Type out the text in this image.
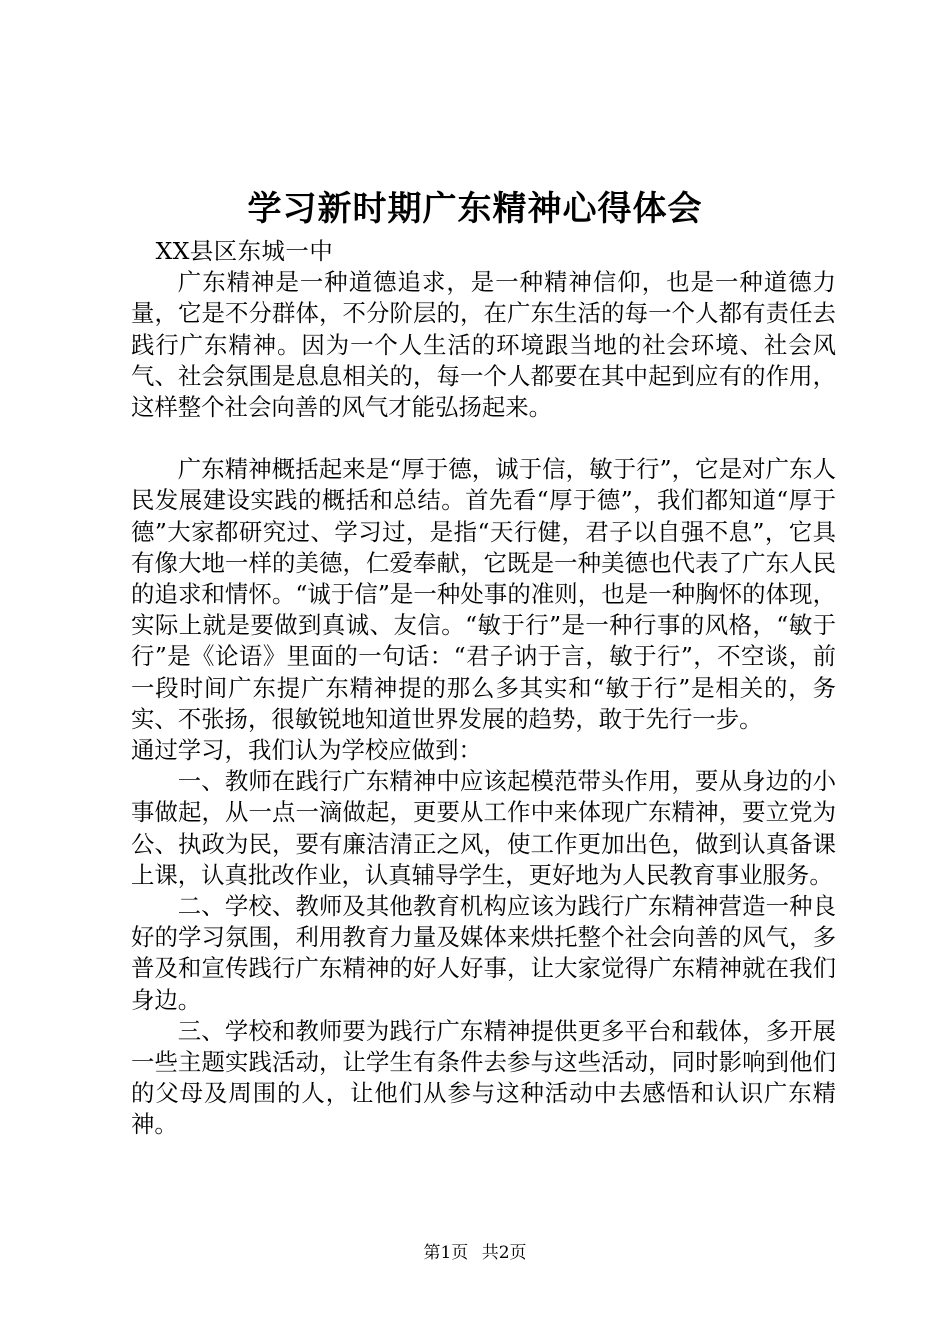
学习新时期广东精神心得体会

XX县区东城一中

广东精神是一种道德追求，是一种精神信仰，也是一种道德力量，它是不分群体，不分阶层的，在广东生活的每一个人都有责任去践行广东精神。因为一个人生活的环境跟当地的社会环境、社会风气、社会氛围是息息相关的，每一个人都要在其中起到应有的作用，这样整个社会向善的风气才能弘扬起来。

广东精神概括起来是“厚于德，诚于信，敏于行”，它是对广东人民发展建设实践的概括和总结。首先看“厚于德”，我们都知道“厚于德”大家都研究过、学习过，是指“天行健，君子以自强不息”，它具有像大地一样的美德，仁爱奉献，它既是一种美德也代表了广东人民的追求和情怀。“诚于信”是一种处事的准则，也是一种胸怀的体现，实际上就是要做到真诚、友信。“敏于行”是一种行事的风格，“敏于行”是《论语》里面的一句话：“君子讷于言，敏于行”，不空谈，前一段时间广东提广东精神提的那么多其实和“敏于行”是相关的，务实、不张扬，很敏锐地知道世界发展的趋势，敢于先行一步。

通过学习，我们认为学校应做到：

一、教师在践行广东精神中应该起模范带头作用，要从身边的小事做起，从一点一滴做起，更要从工作中来体现广东精神，要立党为公、执政为民，要有廉洁清正之风，使工作更加出色，做到认真备课上课，认真批改作业，认真辅导学生，更好地为人民教育事业服务。

二、学校、教师及其他教育机构应该为践行广东精神营造一种良好的学习氛围，利用教育力量及媒体来烘托整个社会向善的风气，多普及和宣传践行广东精神的好人好事，让大家觉得广东精神就在我们身边。

三、学校和教师要为践行广东精神提供更多平台和载体，多开展一些主题实践活动，让学生有条件去参与这些活动，同时影响到他们的父母及周围的人，让他们从参与这种活动中去感悟和认识广东精神。

第1页 共2页
